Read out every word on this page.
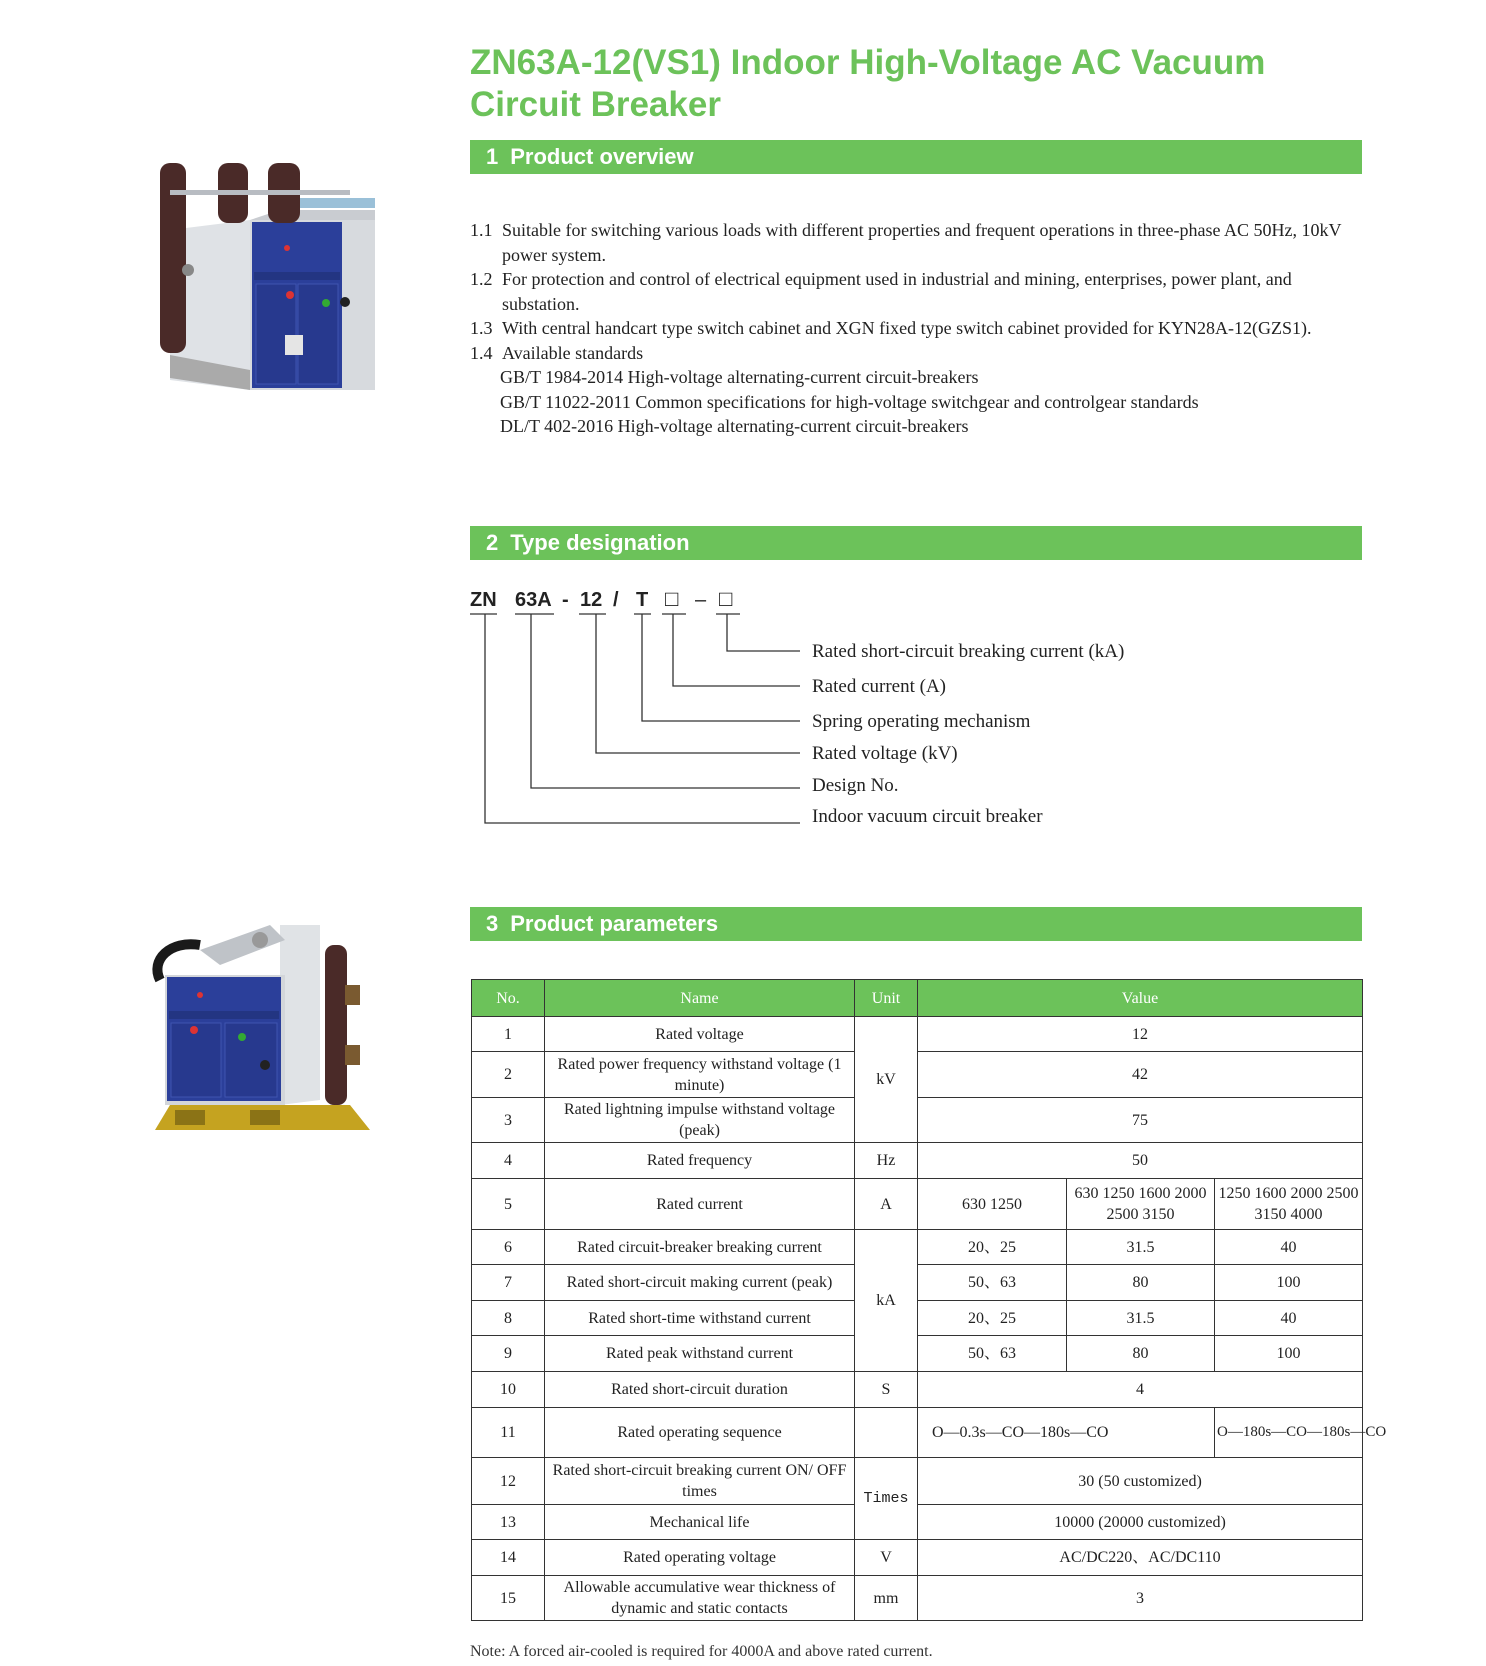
ZN63A-12(VS1) Indoor High-Voltage AC Vacuum Circuit Breaker
1 Product overview
2 Type designation
3 Product parameters
1.1 Suitable for switching various loads with different properties and frequent operations in three-phase AC 50Hz, 10kV power system.
1.2 For protection and control of electrical equipment used in industrial and mining, enterprises, power plant, and substation.
1.3 With central handcart type switch cabinet and XGN fixed type switch cabinet provided for KYN28A-12(GZS1).
1.4 Available standards
GB/T 1984-2014 High-voltage alternating-current circuit-breakers
GB/T 11022-2011 Common specifications for high-voltage switchgear and controlgear standards
DL/T 402-2016 High-voltage alternating-current circuit-breakers
ZN 63A - 12 / T □ – □
Rated short-circuit breaking current (kA)
Rated current (A)
Spring operating mechanism
Rated voltage (kV)
Design No.
Indoor vacuum circuit breaker
No.	Name	Unit	Value		
1	Rated voltage	kV	12		
2	Rated power frequency withstand voltage (1 minute)		42		
3	Rated lightning impulse withstand voltage (peak)		75		
4	Rated frequency	Hz	50		
5	Rated current	A	630 1250	630 1250 1600 2000 2500 3150	1250 1600 2000 2500 3150 4000
6	Rated circuit-breaker breaking current	kA	20、25	31.5	40
7	Rated short-circuit making current (peak)		50、63	80	100
8	Rated short-time withstand current		20、25	31.5	40
9	Rated peak withstand current		50、63	80	100
10	Rated short-circuit duration	S	4		
11	Rated operating sequence		O—0.3s—CO—180s—CO		O—180s—CO—180s—CO
12	Rated short-circuit breaking current ON/ OFF times	Times	30 (50 customized)		
13	Mechanical life		10000 (20000 customized)		
14	Rated operating voltage	V	AC/DC220、AC/DC110		
15	Allowable accumulative wear thickness of dynamic and static contacts	mm	3		
Note: A forced air-cooled is required for 4000A and above rated current.
